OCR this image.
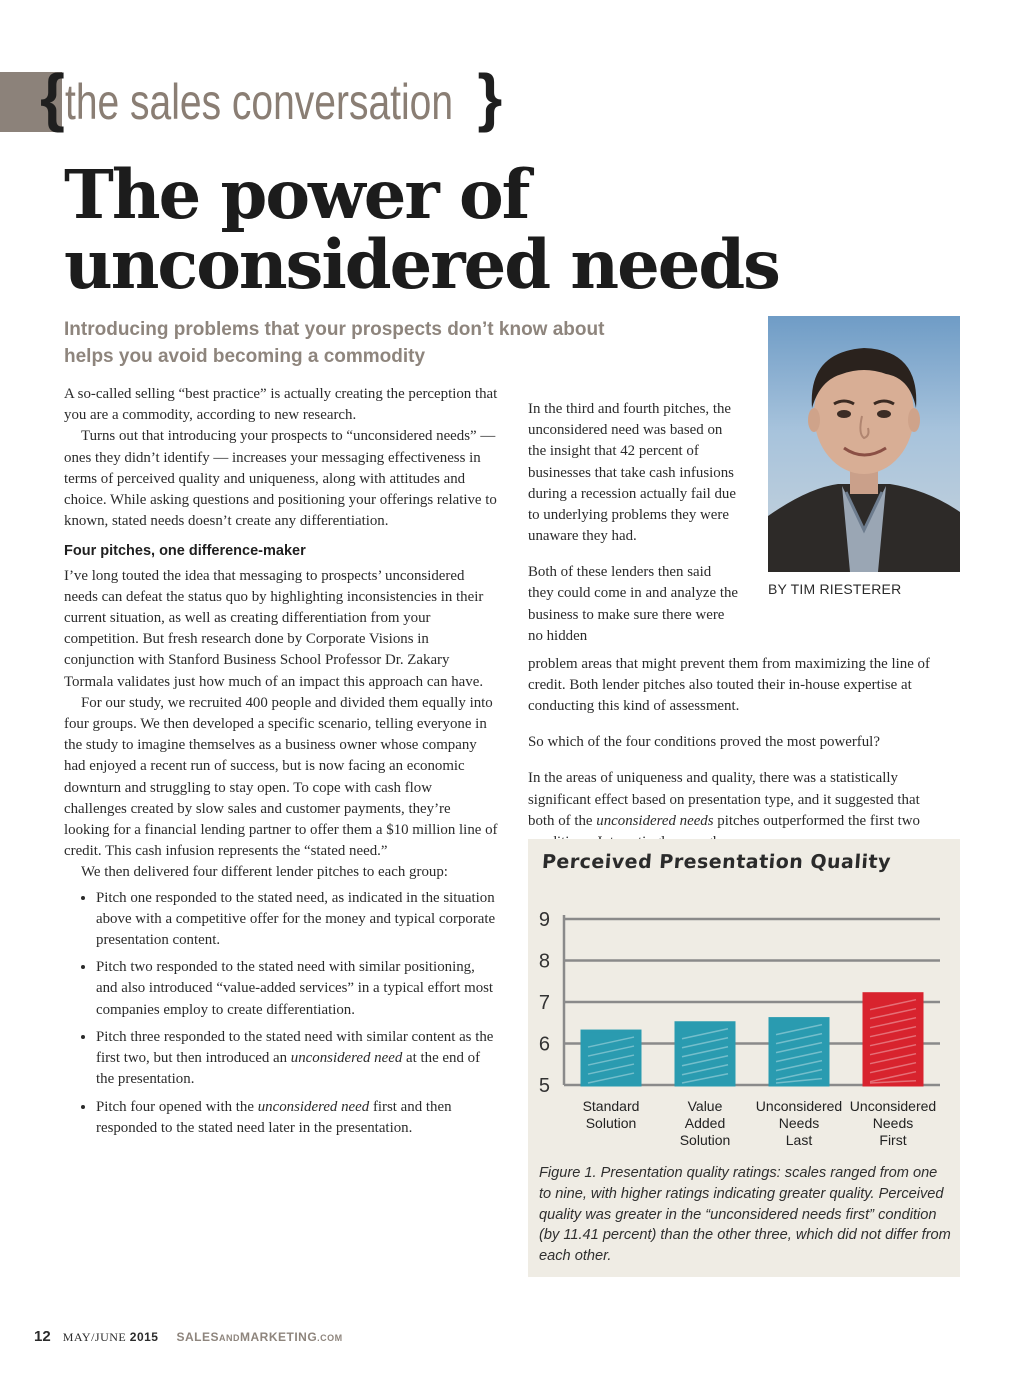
{ the sales conversation }
The power of
unconsidered needs

Introducing problems that your prospects don’t know about
helps you avoid becoming a commodity

BY TIM RIESTERER

A so-called selling “best practice” is actually creating the perception that you are a commodity, according to new research.

Turns out that introducing your prospects to “unconsidered needs” — ones they didn’t identify — increases your messaging effectiveness in terms of perceived quality and uniqueness, along with attitudes and choice. While asking questions and positioning your offerings relative to known, stated needs doesn’t create any differentiation.

Four pitches, one difference-maker

I’ve long touted the idea that messaging to prospects’ unconsidered needs can defeat the status quo by highlighting inconsistencies in their current situation, as well as creating differentiation from your competition. But fresh research done by Corporate Visions in conjunction with Stanford Business School Professor Dr. Zakary Tormala validates just how much of an impact this approach can have.

For our study, we recruited 400 people and divided them equally into four groups. We then developed a specific scenario, telling everyone in the study to imagine themselves as a business owner whose company had enjoyed a recent run of success, but is now facing an economic downturn and struggling to stay open. To cope with cash flow challenges created by slow sales and customer payments, they’re looking for a financial lending partner to offer them a $10 million line of credit. This cash infusion represents the “stated need.”

We then delivered four different lender pitches to each group:

• Pitch one responded to the stated need, as indicated in the situation above with a competitive offer for the money and typical corporate presentation content.
• Pitch two responded to the stated need with similar positioning, and also introduced “value-added services” in a typical effort most companies employ to create differentiation.
• Pitch three responded to the stated need with similar content as the first two, but then introduced an unconsidered need at the end of the presentation.
• Pitch four opened with the unconsidered need first and then responded to the stated need later in the presentation.

In the third and fourth pitches, the unconsidered need was based on the insight that 42 percent of businesses that take cash infusions during a recession actually fail due to underlying problems they were unaware they had.

Both of these lenders then said they could come in and analyze the business to make sure there were no hidden

problem areas that might prevent them from maximizing the line of credit. Both lender pitches also touted their in-house expertise at conducting this kind of assessment.

So which of the four conditions proved the most powerful?

In the areas of uniqueness and quality, there was a statistically significant effect based on presentation type, and it suggested that both of the unconsidered needs pitches outperformed the first two

Perceived Presentation Quality
5
6
7
8
9
Standard
Solution
Value
Added
Solution
Unconsidered
Needs
Last
Unconsidered
Needs
First

Figure 1. Presentation quality ratings: scales ranged from one to nine, with higher ratings indicating greater quality. Perceived quality was greater in the “unconsidered needs first” condition (by 11.41 percent) than the other three, which did not differ from each other.

12 MAY/JUNE 2015 SALESANDMARKETING.COM
